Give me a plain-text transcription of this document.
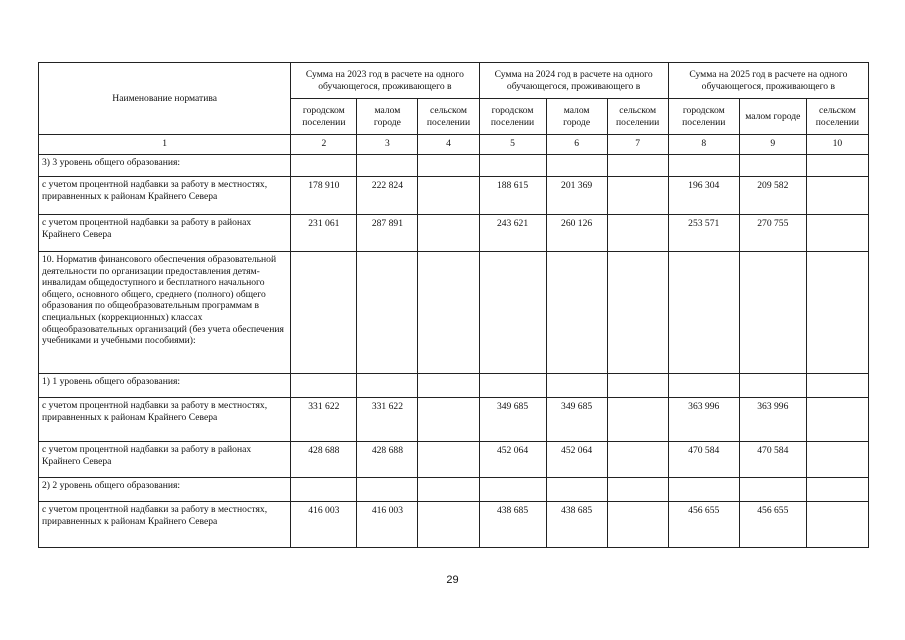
Наименование норматива	Сумма на 2023 год в расчете на одного обучающегося, проживающего в			Сумма на 2024 год в расчете на одного обучающегося, проживающего в			Сумма на 2025 год в расчете на одного обучающегося, проживающего в		
	городском поселении	малом городе	сельском поселении	городском поселении	малом городе	сельском поселении	городском поселении	малом городе	сельском поселении
1	2	3	4	5	6	7	8	9	10
3) 3 уровень общего образования:									
с учетом процентной надбавки за работу в местностях, приравненных к районам Крайнего Севера	178 910	222 824		188 615	201 369		196 304	209 582	
с учетом процентной надбавки за работу в районах Крайнего Севера	231 061	287 891		243 621	260 126		253 571	270 755	
10. Норматив финансового обеспечения образовательной деятельности по организации предоставления детям-инвалидам общедоступного и бесплатного начального общего, основного общего, среднего (полного) общего образования по общеобразовательным программам в специальных (коррекционных) классах общеобразовательных организаций (без учета обеспечения учебниками и учебными пособиями):									
1) 1 уровень общего образования:									
с учетом процентной надбавки за работу в местностях, приравненных к районам Крайнего Севера	331 622	331 622		349 685	349 685		363 996	363 996	
с учетом процентной надбавки за работу в районах Крайнего Севера	428 688	428 688		452 064	452 064		470 584	470 584	
2) 2 уровень общего образования:									
с учетом процентной надбавки за работу в местностях, приравненных к районам Крайнего Севера	416 003	416 003		438 685	438 685		456 655	456 655	
29
